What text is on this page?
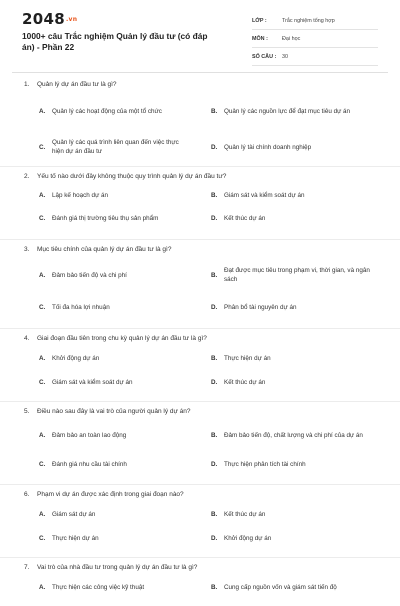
2048.vn
1000+ câu Trắc nghiệm Quản lý đầu tư (có đáp án) - Phần 22
LỚP :	Trắc nghiệm tổng hợp
MÔN :	Đại học
SỐ CÂU :	30
1. Quản lý dự án đầu tư là gì?
A.	Quản lý các hoạt động của một tổ chức	B.	Quản lý các nguồn lực để đạt mục tiêu dự án
C.
Quản lý các quá trình liên quan đến việc thực hiện dự án đầu tư
D.	Quản lý tài chính doanh nghiệp
2. Yếu tố nào dưới đây không thuộc quy trình quản lý dự án đầu tư?
A.	Lập kế hoạch dự án	B.	Giám sát và kiểm soát dự án
C.	Đánh giá thị trường tiêu thụ sản phẩm	D.	Kết thúc dự án
3. Mục tiêu chính của quản lý dự án đầu tư là gì?
A.	Đảm bảo tiến độ và chi phí	B.
Đạt được mục tiêu trong phạm vi, thời gian, và ngân sách
C.	Tối đa hóa lợi nhuận	D.	Phân bổ tài nguyên dự án
4. Giai đoạn đầu tiên trong chu kỳ quản lý dự án đầu tư là gì?
A.	Khởi động dự án	B.	Thực hiện dự án
C.	Giám sát và kiểm soát dự án	D.	Kết thúc dự án
5. Điều nào sau đây là vai trò của người quản lý dự án?
A.	Đảm bảo an toàn lao động	B.	Đảm bảo tiến độ, chất lượng và chi phí của dự án
C.	Đánh giá nhu cầu tài chính	D.	Thực hiện phân tích tài chính
6. Phạm vi dự án được xác định trong giai đoạn nào?
A.	Giám sát dự án	B.	Kết thúc dự án
C.	Thực hiện dự án	D.	Khởi động dự án
7. Vai trò của nhà đầu tư trong quản lý dự án đầu tư là gì?
A.	Thực hiện các công việc kỹ thuật	B.	Cung cấp nguồn vốn và giám sát tiến độ
